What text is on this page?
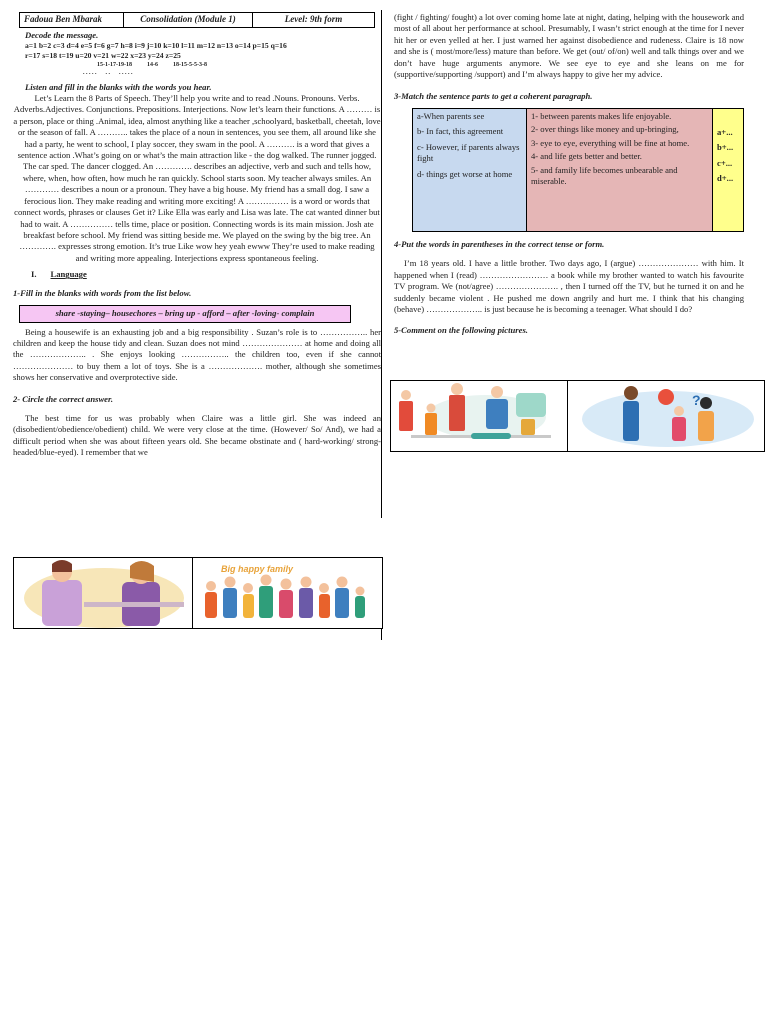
Fadoua Ben Mbarak	Consolidation (Module 1)	Level: 9th form
Decode the message.
a=1 b=2 c=3 d=4 e=5 f=6 g=7 h=8 i=9 j=10 k=10 l=11 m=12 n=13 o=14 p=15 q=16
r=17 s=18 t=19 u=20 v=21 w=22 x=23 y=24 z=25
15-1-17-19-18          14-6          18-15-5-5-3-8
. . . . .      . .      . . . . .
Listen and fill in the blanks with the words you hear.
Let’s Learn the 8 Parts of Speech. They’ll help you write and to read .Nouns. Pronouns. Verbs. Adverbs.Adjectives. Conjunctions. Prepositions. Interjections. Now let’s learn their functions. A ……… is a person, place or thing .Animal, idea, almost anything like a teacher ,schoolyard, basketball, cheetah, love or the season of fall. A ……….. takes the place of a noun in sentences, you see them, all around like she had a party, he went to school, I play soccer, they swam in the pool. A ………. is a word that gives a sentence action .What’s going on or what’s the main attraction like - the dog walked. The runner jogged. The car sped. The dancer clogged. An …………. describes an adjective, verb and such and tells how, where, when, how often, how much he ran quickly. School starts soon. My teacher always smiles. An ………… describes a noun or a pronoun. They have a big house. My friend has a small dog. I saw a ferocious lion. They make reading and writing more exciting! A …………… is a word or words that connect words, phrases or clauses Get it? Like Ella was early and Lisa was late. The cat wanted dinner but had to wait. A …………… tells time, place or position. Connecting words is its main mission. Josh ate breakfast before school. My friend was sitting beside me. We played on the swing by the big tree. An …………. expresses strong emotion. It’s true Like wow hey yeah ewww They’re used to make reading and writing more appealing. Interjections express spontaneous feeling.
I. Language
1-Fill in the blanks with words from the list below.
share -staying– housechores – bring up - afford – after -loving- complain
Being a housewife is an exhausting job and a big responsibility . Suzan’s role is to …………….. her children and keep the house tidy and clean. Suzan does not mind ………………… at home and doing all the ……………….. . She enjoys looking …………….. the children too, even if she cannot ………………… to buy them a lot of toys. She is a ………………. mother, although she sometimes shows her conservative and overprotective side.
2- Circle the correct answer.
The best time for us was probably when Claire was a little girl. She was indeed an (disobedient/obedience/obedient) child. We were very close at the time. (However/ So/ And), we had a difficult period when she was about fifteen years old. She became obstinate and ( hard-working/ strong-headed/blue-eyed). I remember that we
(fight / fighting/ fought) a lot over coming home late at night, dating, helping with the housework and most of all about her performance at school. Presumably, I wasn’t strict enough at the time for I never hit her or even yelled at her. I just warned her against disobedience and rudeness. Claire is 18 now and she is ( most/more/less) mature than before. We get (out/ of/on) well and talk things over and we don’t have huge arguments anymore. We see eye to eye and she leans on me for (supportive/supporting /support) and I’m always happy to give her my advice.
3-Match the sentence parts to get a coherent paragraph.

a-When parents see

b- In fact, this agreement

c- However, if parents always fight

d- things get worse at home

1- between parents makes life enjoyable.

2- over things like money and up-bringing,

3- eye to eye, everything will be fine at home.

4- and life gets better and better.

5- and family life becomes unbearable and miserable.

a+...

b+...

c+...

d+...

4-Put the words in parentheses in the correct tense or form.
I’m 18 years old. I have a little brother. Two days ago, I (argue) ………………… with him. It happened when I (read) …………………… a book while my brother wanted to watch his favourite TV program. We (not/agree) …………………. , then I turned off the TV, but he turned it on and he suddenly became violent . He pushed me down angrily and hurt me. I think that his changing (behave) ……………….. is just because he is becoming a teenager. What should I do?
5-Comment on the following pictures.
?
Big happy family
